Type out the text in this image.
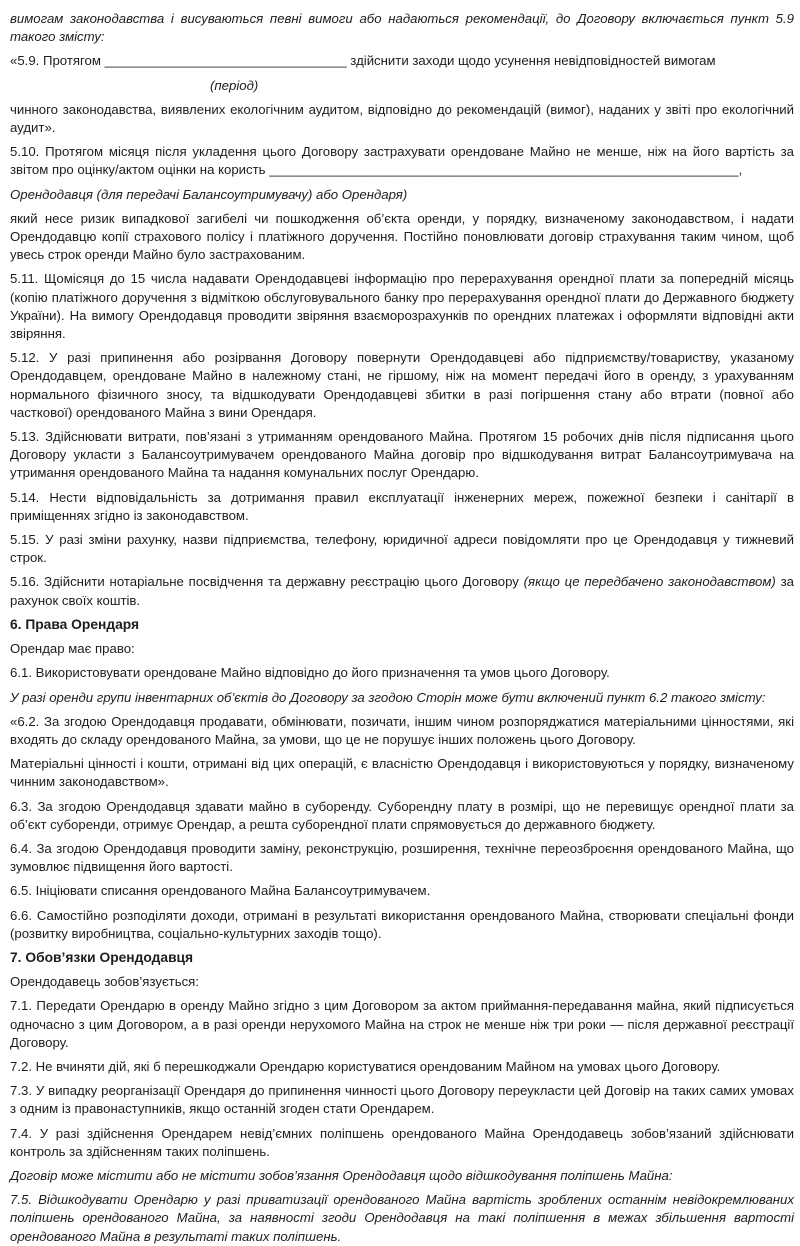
вимогам законодавства і висуваються певні вимоги або надаються рекомендації, до Договору включається пункт 5.9 такого змісту:

«5.9. Протягом _________________________________ здійснити заходи щодо усунення невідповідностей вимогам

(період)

чинного законодавства, виявлених екологічним аудитом, відповідно до рекомендацій (вимог), наданих у звіті про екологічний аудит».

5.10. Протягом місяця після укладення цього Договору застрахувати орендоване Майно не менше, ніж на його вартість за звітом про оцінку/актом оцінки на користь ________________________________________________________________,

Орендодавця (для передачі Балансоутримувачу) або Орендаря)

який несе ризик випадкової загибелі чи пошкодження об’єкта оренди, у порядку, визначеному законодавством, і надати Орендодавцю копії страхового полісу і платіжного доручення. Постійно поновлювати договір страхування таким чином, щоб увесь строк оренди Майно було застрахованим.

5.11. Щомісяця до 15 числа надавати Орендодавцеві інформацію про перерахування орендної плати за попередній місяць (копію платіжного доручення з відміткою обслуговувального банку про перерахування орендної плати до Державного бюджету України). На вимогу Орендодавця проводити звіряння взаєморозрахунків по орендних платежах і оформляти відповідні акти звіряння.

5.12. У разі припинення або розірвання Договору повернути Орендодавцеві або підприємству/товариству, указаному Орендодавцем, орендоване Майно в належному стані, не гіршому, ніж на момент передачі його в оренду, з урахуванням нормального фізичного зносу, та відшкодувати Орендодавцеві збитки в разі погіршення стану або втрати (повної або часткової) орендованого Майна з вини Орендаря.

5.13. Здійснювати витрати, пов’язані з утриманням орендованого Майна. Протягом 15 робочих днів після підписання цього Договору укласти з Балансоутримувачем орендованого Майна договір про відшкодування витрат Балансоутримувача на утримання орендованого Майна та надання комунальних послуг Орендарю.

5.14. Нести відповідальність за дотримання правил експлуатації інженерних мереж, пожежної безпеки і санітарії в приміщеннях згідно із законодавством.

5.15. У разі зміни рахунку, назви підприємства, телефону, юридичної адреси повідомляти про це Орендодавця у тижневий строк.

5.16. Здійснити нотаріальне посвідчення та державну реєстрацію цього Договору (якщо це передбачено законодавством) за рахунок своїх коштів.

6. Права Орендаря

Орендар має право:

6.1. Використовувати орендоване Майно відповідно до його призначення та умов цього Договору.

У разі оренди групи інвентарних об’єктів до Договору за згодою Сторін може бути включений пункт 6.2 такого змісту:

«6.2. За згодою Орендодавця продавати, обмінювати, позичати, іншим чином розпоряджатися матеріальними цінностями, які входять до складу орендованого Майна, за умови, що це не порушує інших положень цього Договору.

Матеріальні цінності і кошти, отримані від цих операцій, є власністю Орендодавця і використовуються у порядку, визначеному чинним законодавством».

6.3. За згодою Орендодавця здавати майно в суборенду. Суборендну плату в розмірі, що не перевищує орендної плати за об’єкт суборенди, отримує Орендар, а решта суборендної плати спрямовується до державного бюджету.

6.4. За згодою Орендодавця проводити заміну, реконструкцію, розширення, технічне переозброєння орендованого Майна, що зумовлює підвищення його вартості.

6.5. Ініціювати списання орендованого Майна Балансоутримувачем.

6.6. Самостійно розподіляти доходи, отримані в результаті використання орендованого Майна, створювати спеціальні фонди (розвитку виробництва, соціально-культурних заходів тощо).

7. Обов’язки Орендодавця

Орендодавець зобов’язується:

7.1. Передати Орендарю в оренду Майно згідно з цим Договором за актом приймання-передавання майна, який підписується одночасно з цим Договором, а в разі оренди нерухомого Майна на строк не менше ніж три роки — після державної реєстрації Договору.

7.2. Не вчиняти дій, які б перешкоджали Орендарю користуватися орендованим Майном на умовах цього Договору.

7.3. У випадку реорганізації Орендаря до припинення чинності цього Договору переукласти цей Договір на таких самих умовах з одним із правонаступників, якщо останній згоден стати Орендарем.

7.4. У разі здійснення Орендарем невід’ємних поліпшень орендованого Майна Орендодавець зобов’язаний здійснювати контроль за здійсненням таких поліпшень.

Договір може містити або не містити зобов’язання Орендодавця щодо відшкодування поліпшень Майна:

7.5. Відшкодувати Орендарю у разі приватизації орендованого Майна вартість зроблених останнім невідокремлюваних поліпшень орендованого Майна, за наявності згоди Орендодавця на такі поліпшення в межах збільшення вартості орендованого Майна в результаті таких поліпшень.
